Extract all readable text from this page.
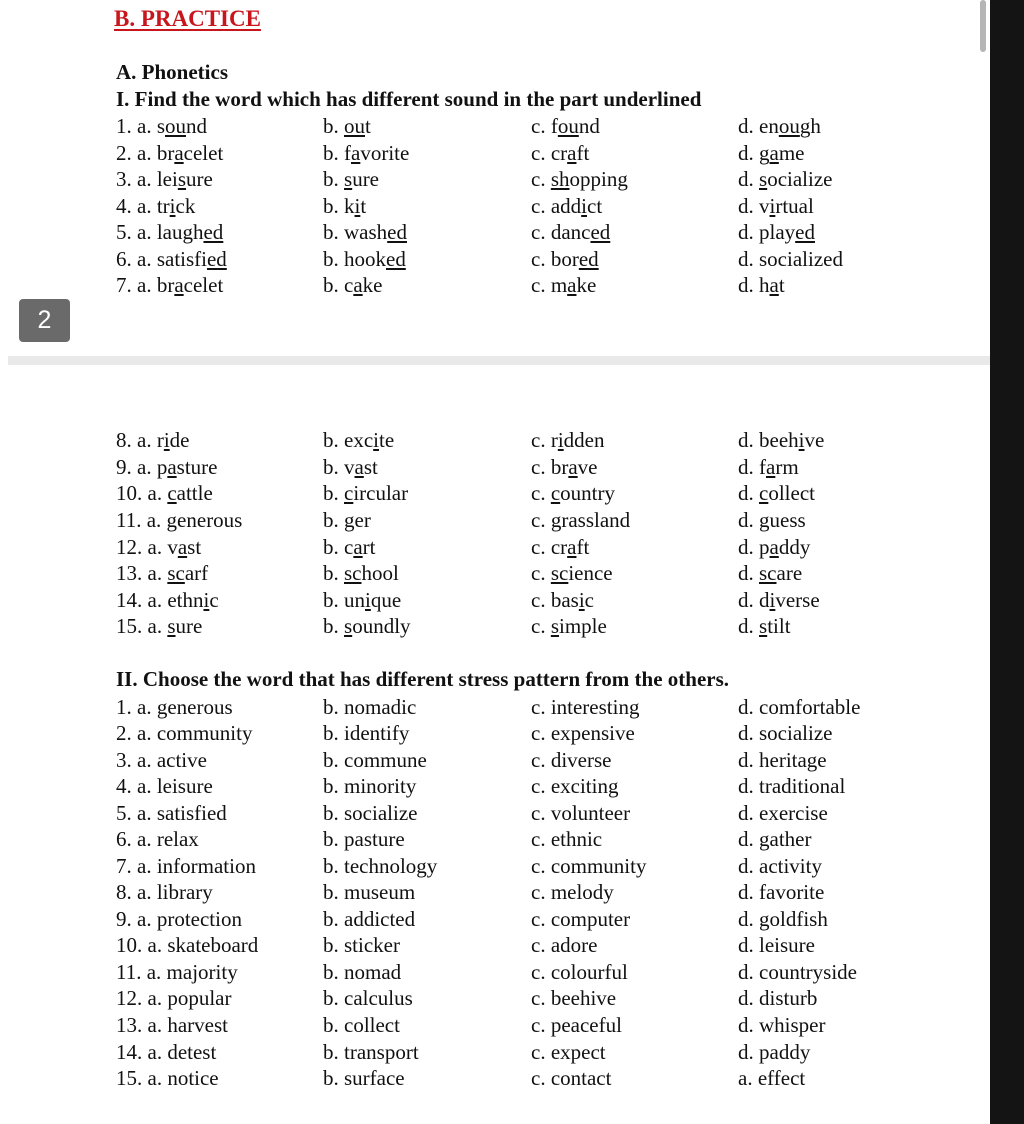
2
B. PRACTICE
A. Phonetics
I. Find the word which has different sound in the part underlined
1. a. sound	b. out	c. found	d. enough
2. a. bracelet	b. favorite	c. craft	d. game
3. a. leisure	b. sure	c. shopping	d. socialize
4. a. trick	b. kit	c. addict	d. virtual
5. a. laughed	b. washed	c. danced	d. played
6. a. satisfied	b. hooked	c. bored	d. socialized
7. a. bracelet	b. cake	c. make	d. hat
8. a. ride	b. excite	c. ridden	d. beehive
9. a. pasture	b. vast	c. brave	d. farm
10. a. cattle	b. circular	c. country	d. collect
11. a. generous	b. ger	c. grassland	d. guess
12. a. vast	b. cart	c. craft	d. paddy
13. a. scarf	b. school	c. science	d. scare
14. a. ethnic	b. unique	c. basic	d. diverse
15. a. sure	b. soundly	c. simple	d. stilt
II. Choose the word that has different stress pattern from the others.
1. a. generous	b. nomadic	c. interesting	d. comfortable
2. a. community	b. identify	c. expensive	d. socialize
3. a. active	b. commune	c. diverse	d. heritage
4. a. leisure	b. minority	c. exciting	d. traditional
5. a. satisfied	b. socialize	c. volunteer	d. exercise
6. a. relax	b. pasture	c. ethnic	d. gather
7. a. information	b. technology	c. community	d. activity
8. a. library	b. museum	c. melody	d. favorite
9. a. protection	b. addicted	c. computer	d. goldfish
10. a. skateboard	b. sticker	c. adore	d. leisure
11. a. majority	b. nomad	c. colourful	d. countryside
12. a. popular	b. calculus	c. beehive	d. disturb
13. a. harvest	b. collect	c. peaceful	d. whisper
14. a. detest	b. transport	c. expect	d. paddy
15. a. notice	b. surface	c. contact	a. effect
